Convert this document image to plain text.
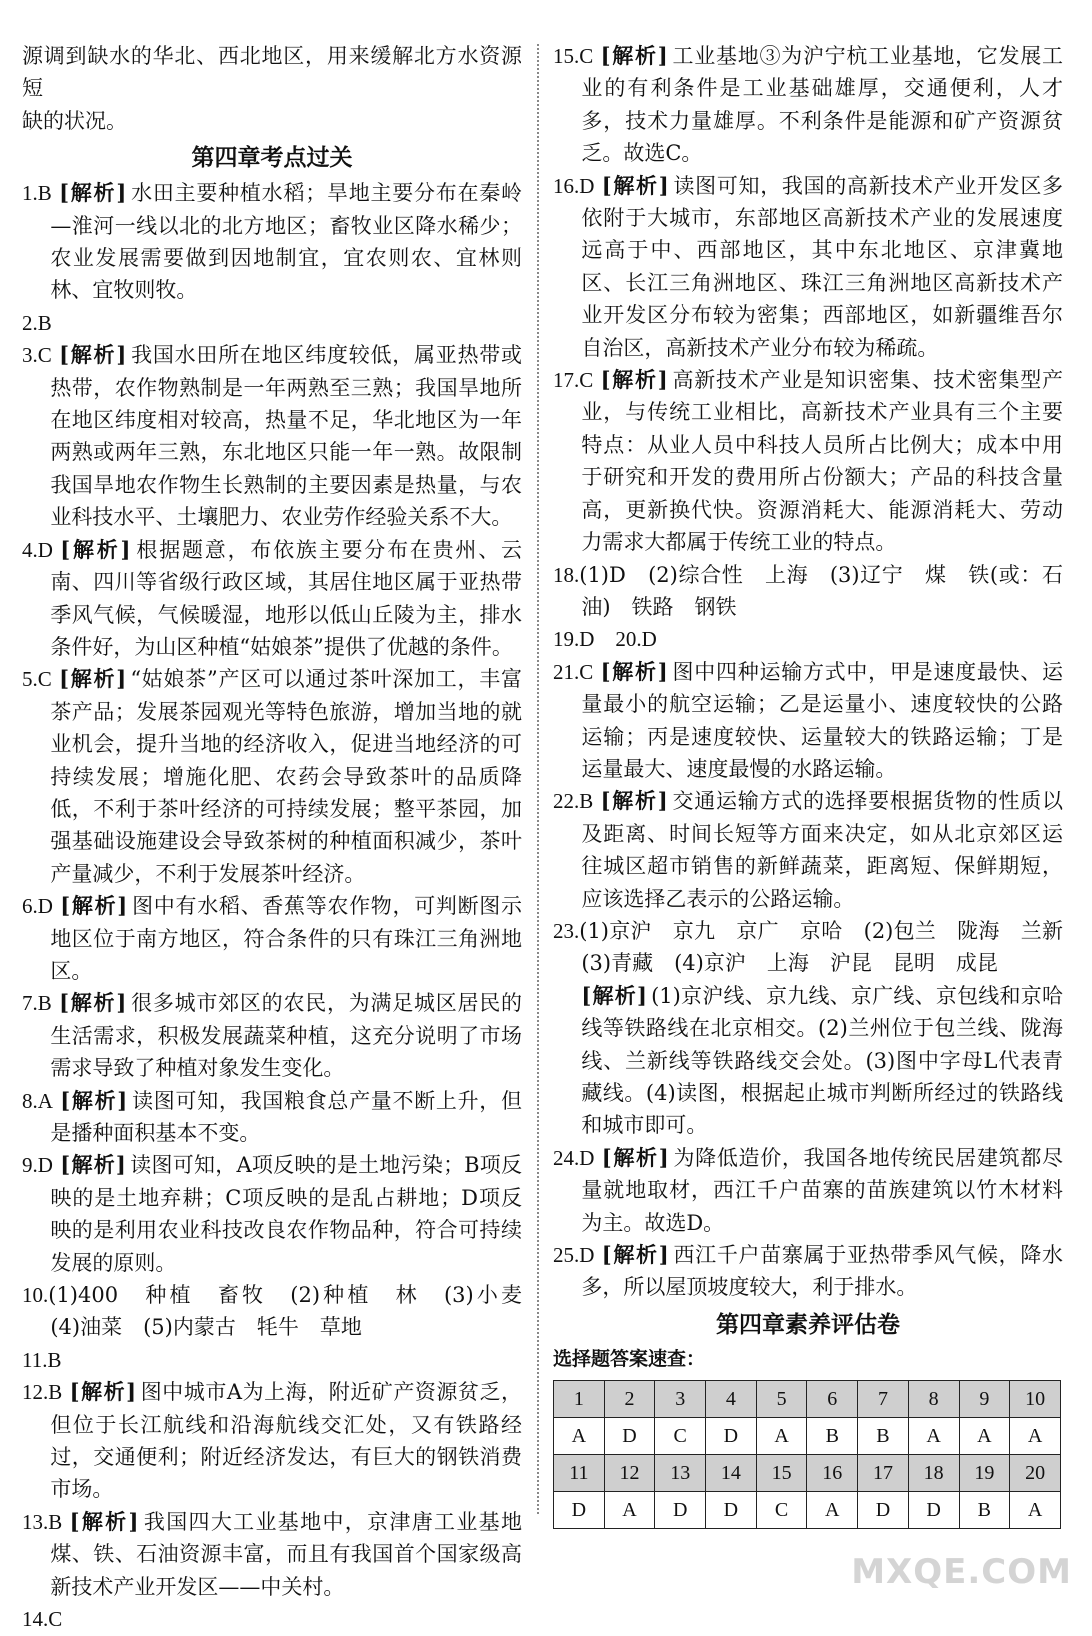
源调到缺水的华北、西北地区，用来缓解北方水资源短

缺的状况。

第四章考点过关

1.B [解析] 水田主要种植水稻；旱地主要分布在秦岭—淮河一线以北的北方地区；畜牧业区降水稀少；农业发展需要做到因地制宜，宜农则农、宜林则林、宜牧则牧。

2.B

3.C [解析] 我国水田所在地区纬度较低，属亚热带或热带，农作物熟制是一年两熟至三熟；我国旱地所在地区纬度相对较高，热量不足，华北地区为一年两熟或两年三熟，东北地区只能一年一熟。故限制我国旱地农作物生长熟制的主要因素是热量，与农业科技水平、土壤肥力、农业劳作经验关系不大。

4.D [解析] 根据题意，布依族主要分布在贵州、云南、四川等省级行政区域，其居住地区属于亚热带季风气候，气候暖湿，地形以低山丘陵为主，排水条件好，为山区种植“姑娘茶”提供了优越的条件。

5.C [解析] “姑娘茶”产区可以通过茶叶深加工，丰富茶产品；发展茶园观光等特色旅游，增加当地的就业机会，提升当地的经济收入，促进当地经济的可持续发展；增施化肥、农药会导致茶叶的品质降低，不利于茶叶经济的可持续发展；整平茶园，加强基础设施建设会导致茶树的种植面积减少，茶叶产量减少，不利于发展茶叶经济。

6.D [解析] 图中有水稻、香蕉等农作物，可判断图示地区位于南方地区，符合条件的只有珠江三角洲地区。

7.B [解析] 很多城市郊区的农民，为满足城区居民的生活需求，积极发展蔬菜种植，这充分说明了市场需求导致了种植对象发生变化。

8.A [解析] 读图可知，我国粮食总产量不断上升，但是播种面积基本不变。

9.D [解析] 读图可知，A项反映的是土地污染；B项反映的是土地弃耕；C项反映的是乱占耕地；D项反映的是利用农业科技改良农作物品种，符合可持续发展的原则。

10.(1)400　种植　畜牧　(2)种植　林　(3)小麦　(4)油菜　(5)内蒙古　牦牛　草地

11.B

12.B [解析] 图中城市A为上海，附近矿产资源贫乏，但位于长江航线和沿海航线交汇处，又有铁路经过，交通便利；附近经济发达，有巨大的钢铁消费市场。

13.B [解析] 我国四大工业基地中，京津唐工业基地煤、铁、石油资源丰富，而且有我国首个国家级高新技术产业开发区——中关村。

14.C

15.C [解析] 工业基地③为沪宁杭工业基地，它发展工业的有利条件是工业基础雄厚，交通便利，人才多，技术力量雄厚。不利条件是能源和矿产资源贫乏。故选C。

16.D [解析] 读图可知，我国的高新技术产业开发区多依附于大城市，东部地区高新技术产业的发展速度远高于中、西部地区，其中东北地区、京津冀地区、长江三角洲地区、珠江三角洲地区高新技术产业开发区分布较为密集；西部地区，如新疆维吾尔自治区，高新技术产业分布较为稀疏。

17.C [解析] 高新技术产业是知识密集、技术密集型产业，与传统工业相比，高新技术产业具有三个主要特点：从业人员中科技人员所占比例大；成本中用于研究和开发的费用所占份额大；产品的科技含量高，更新换代快。资源消耗大、能源消耗大、劳动力需求大都属于传统工业的特点。

18.(1)D　(2)综合性　上海　(3)辽宁　煤　铁(或：石油)　铁路　钢铁

19.D　20.D

21.C [解析] 图中四种运输方式中，甲是速度最快、运量最小的航空运输；乙是运量小、速度较快的公路运输；丙是速度较快、运量较大的铁路运输；丁是运量最大、速度最慢的水路运输。

22.B [解析] 交通运输方式的选择要根据货物的性质以及距离、时间长短等方面来决定，如从北京郊区运往城区超市销售的新鲜蔬菜，距离短、保鲜期短，应该选择乙表示的公路运输。

23.(1)京沪　京九　京广　京哈　(2)包兰　陇海　兰新　(3)青藏　(4)京沪　上海　沪昆　昆明　成昆

[解析] (1)京沪线、京九线、京广线、京包线和京哈线等铁路线在北京相交。(2)兰州位于包兰线、陇海线、兰新线等铁路线交会处。(3)图中字母L代表青藏线。(4)读图，根据起止城市判断所经过的铁路线和城市即可。

24.D [解析] 为降低造价，我国各地传统民居建筑都尽量就地取材，西江千户苗寨的苗族建筑以竹木材料为主。故选D。

25.D [解析] 西江千户苗寨属于亚热带季风气候，降水多，所以屋顶坡度较大，利于排水。

第四章素养评估卷
选择题答案速查：
1	2	3	4	5	6	7	8	9	10
A	D	C	D	A	B	B	A	A	A
11	12	13	14	15	16	17	18	19	20
D	A	D	D	C	A	D	D	B	A
MXQE.COM
